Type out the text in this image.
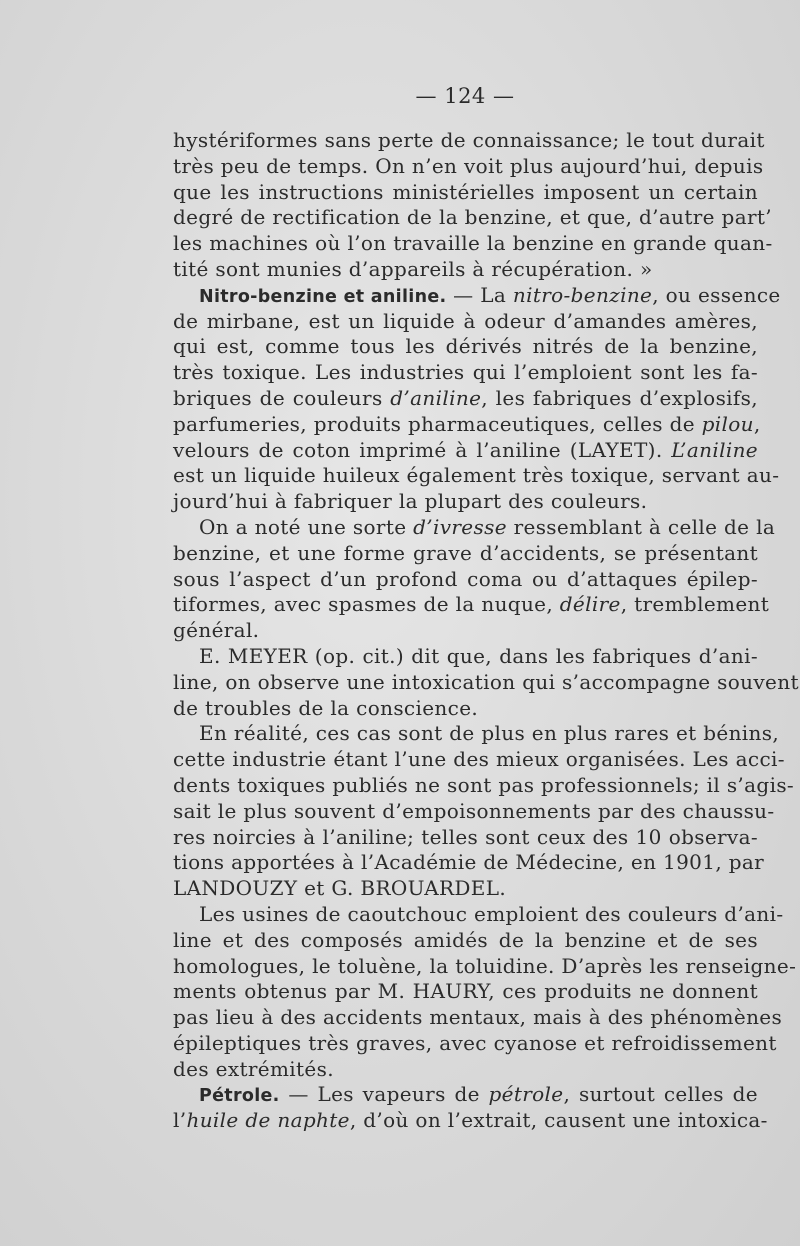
— 124 —
hystériformes sans perte de connaissance; le tout durait
très peu de temps. On n’en voit plus aujourd’hui, depuis
que les instructions ministérielles imposent un certain
degré de rectification de la benzine, et que, d’autre part’
les machines où l’on travaille la benzine en grande quan-
tité sont munies d’appareils à récupération. »
Nitro-benzine et aniline. — La nitro-benzine, ou essence
de mirbane, est un liquide à odeur d’amandes amères,
qui est, comme tous les dérivés nitrés de la benzine,
très toxique. Les industries qui l’emploient sont les fa-
briques de couleurs d’aniline, les fabriques d’explosifs,
parfumeries, produits pharmaceutiques, celles de pilou,
velours de coton imprimé à l’aniline (LAYET). L’aniline
est un liquide huileux également très toxique, servant au-
jourd’hui à fabriquer la plupart des couleurs.
On a noté une sorte d’ivresse ressemblant à celle de la
benzine, et une forme grave d’accidents, se présentant
sous l’aspect d’un profond coma ou d’attaques épilep-
tiformes, avec spasmes de la nuque, délire, tremblement
général.
E. MEYER (op. cit.) dit que, dans les fabriques d’ani-
line, on observe une intoxication qui s’accompagne souvent
de troubles de la conscience.
En réalité, ces cas sont de plus en plus rares et bénins,
cette industrie étant l’une des mieux organisées. Les acci-
dents toxiques publiés ne sont pas professionnels; il s’agis-
sait le plus souvent d’empoisonnements par des chaussu-
res noircies à l’aniline; telles sont ceux des 10 observa-
tions apportées à l’Académie de Médecine, en 1901, par
LANDOUZY et G. BROUARDEL.
Les usines de caoutchouc emploient des couleurs d’ani-
line et des composés amidés de la benzine et de ses
homologues, le toluène, la toluidine. D’après les renseigne-
ments obtenus par M. HAURY, ces produits ne donnent
pas lieu à des accidents mentaux, mais à des phénomènes
épileptiques très graves, avec cyanose et refroidissement
des extrémités.
Pétrole. — Les vapeurs de pétrole, surtout celles de
l’huile de naphte, d’où on l’extrait, causent une intoxica-
